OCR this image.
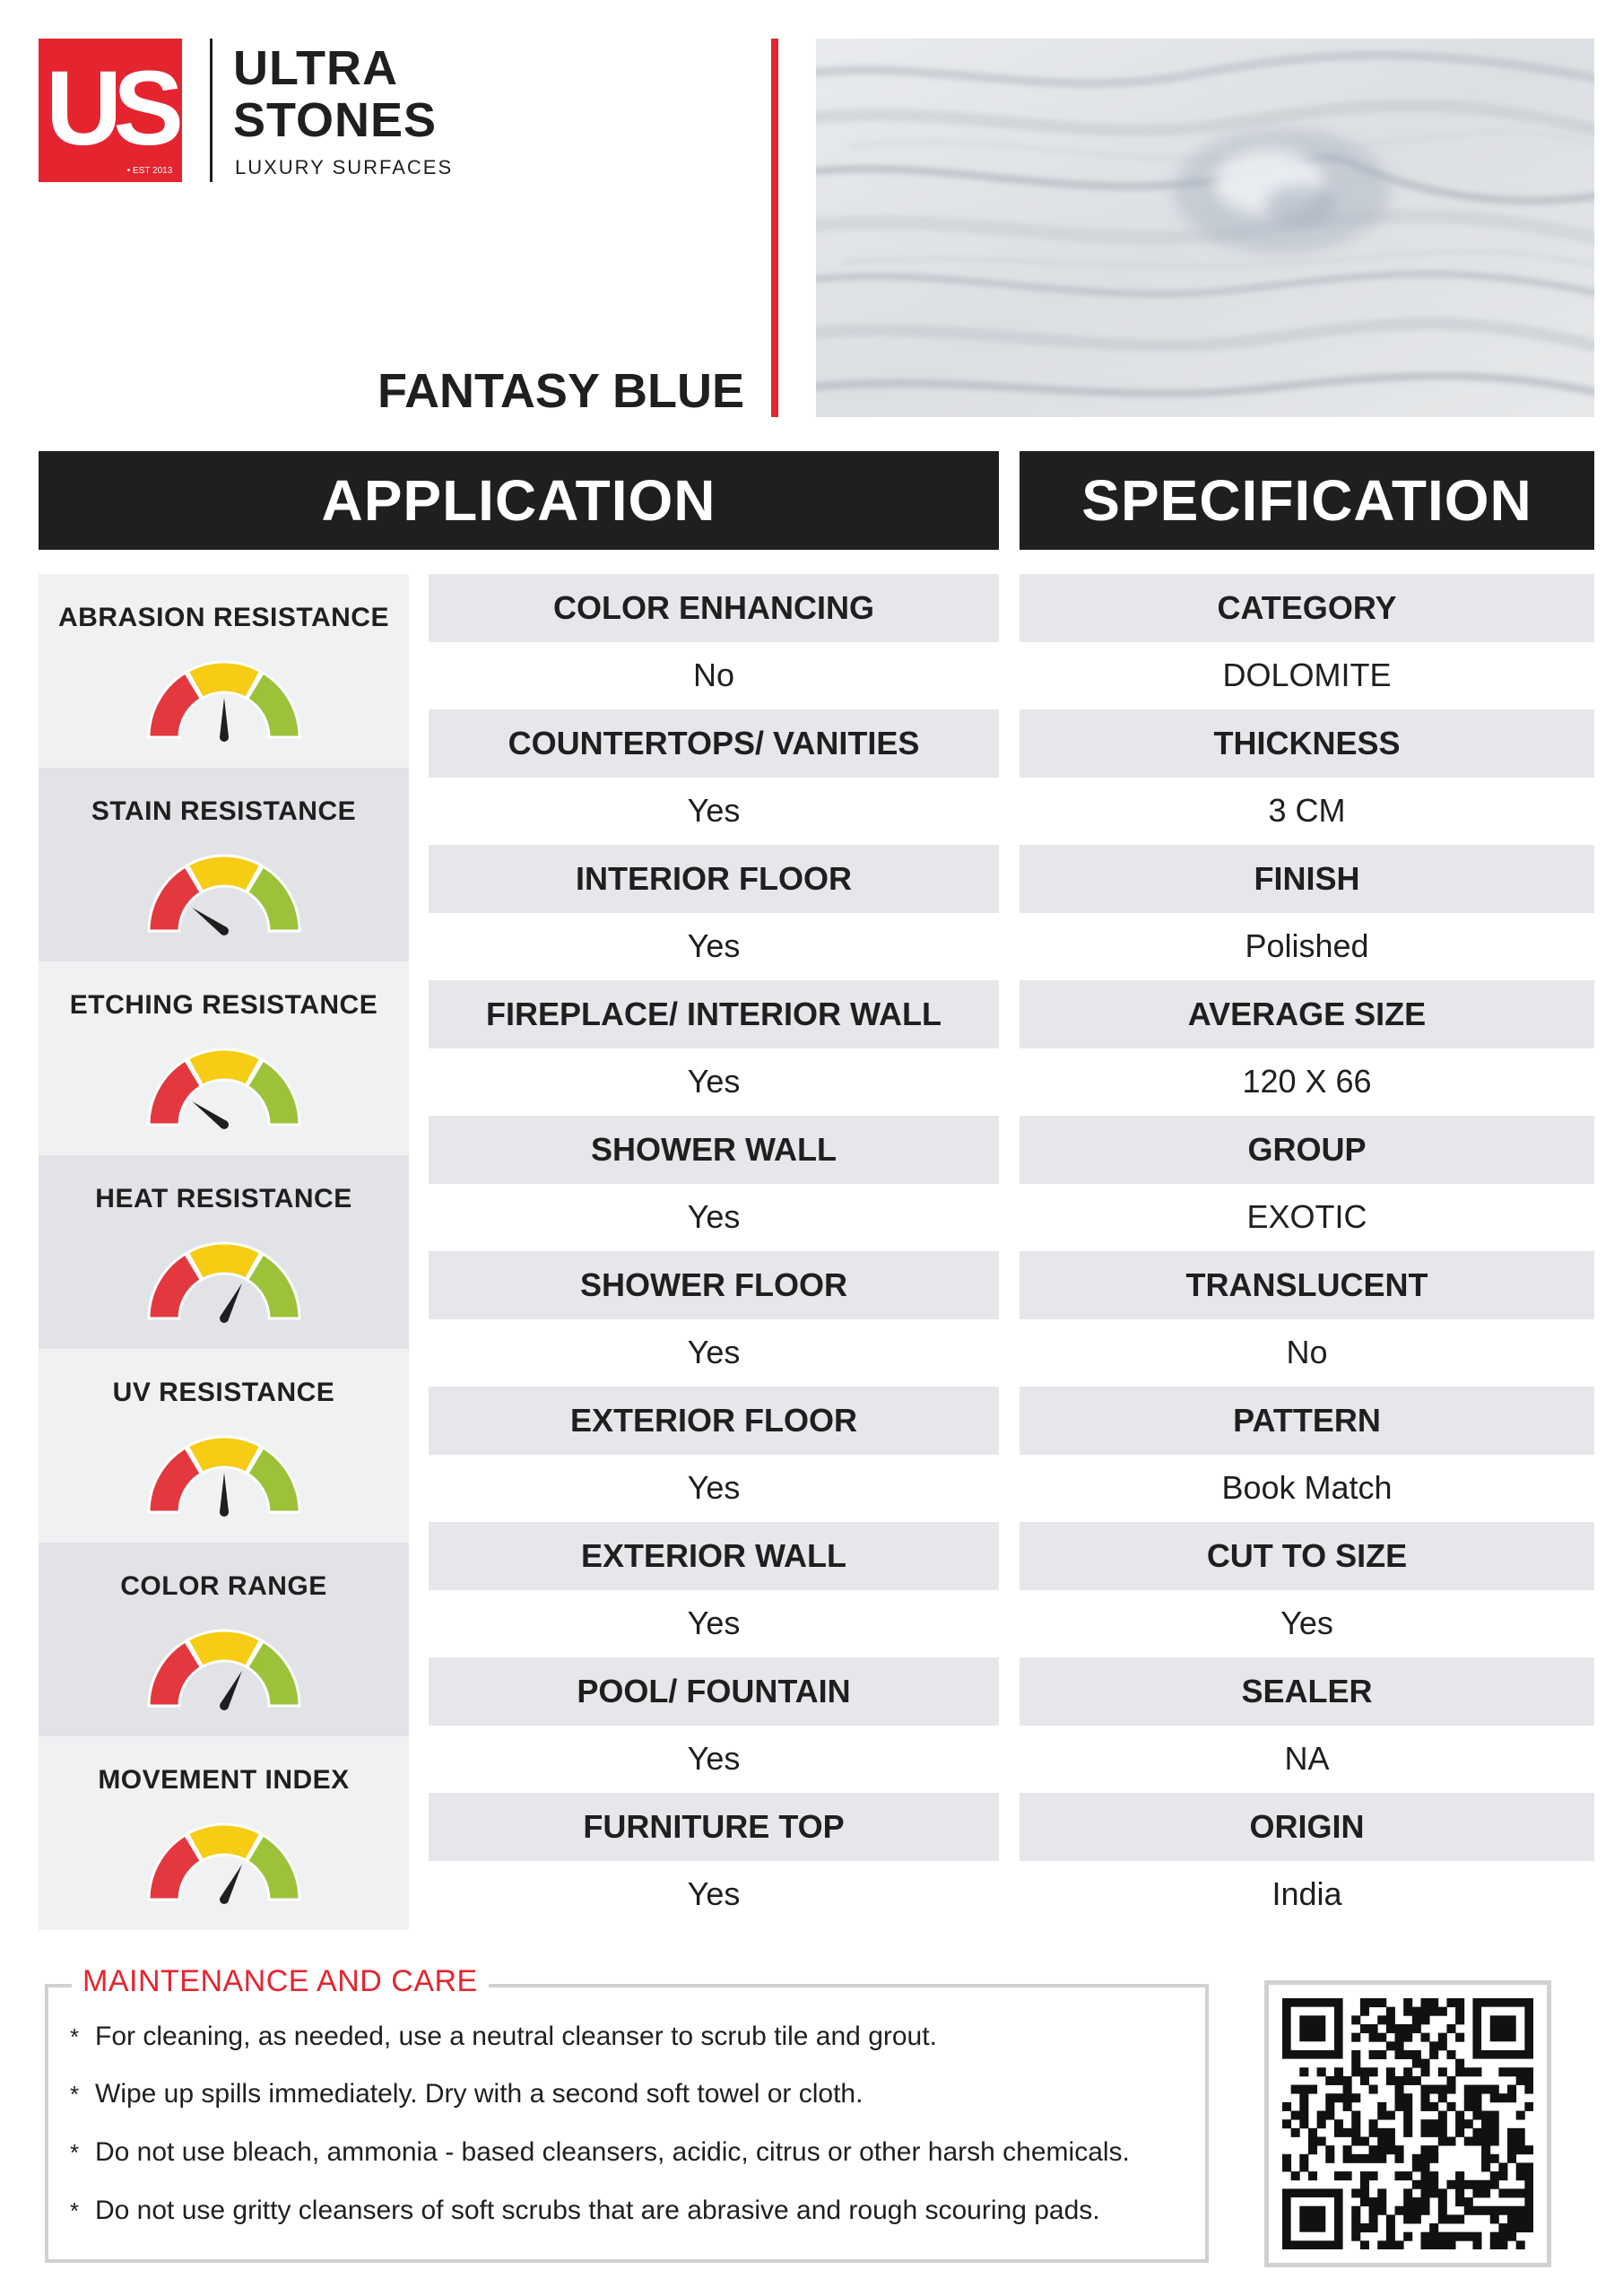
US
• EST 2013
ULTRA
STONES
LUXURY SURFACES
FANTASY BLUE
APPLICATION	SPECIFICATION
ABRASION RESISTANCE
STAIN RESISTANCE
ETCHING RESISTANCE
HEAT RESISTANCE
UV RESISTANCE
COLOR RANGE
MOVEMENT INDEX
COLOR ENHANCING
No
COUNTERTOPS/ VANITIES
Yes
INTERIOR FLOOR
Yes
FIREPLACE/ INTERIOR WALL
Yes
SHOWER WALL
Yes
SHOWER FLOOR
Yes
EXTERIOR FLOOR
Yes
EXTERIOR WALL
Yes
POOL/ FOUNTAIN
Yes
FURNITURE TOP
Yes
CATEGORY
DOLOMITE
THICKNESS
3 CM
FINISH
Polished
AVERAGE SIZE
120 X 66
GROUP
EXOTIC
TRANSLUCENT
No
PATTERN
Book Match
CUT TO SIZE
Yes
SEALER
NA
ORIGIN
India
MAINTENANCE AND CARE
* For cleaning, as needed, use a neutral cleanser to scrub tile and grout.
* Wipe up spills immediately. Dry with a second soft towel or cloth.
* Do not use bleach, ammonia - based cleansers, acidic, citrus or other harsh chemicals.
* Do not use gritty cleansers of soft scrubs that are abrasive and rough scouring pads.
